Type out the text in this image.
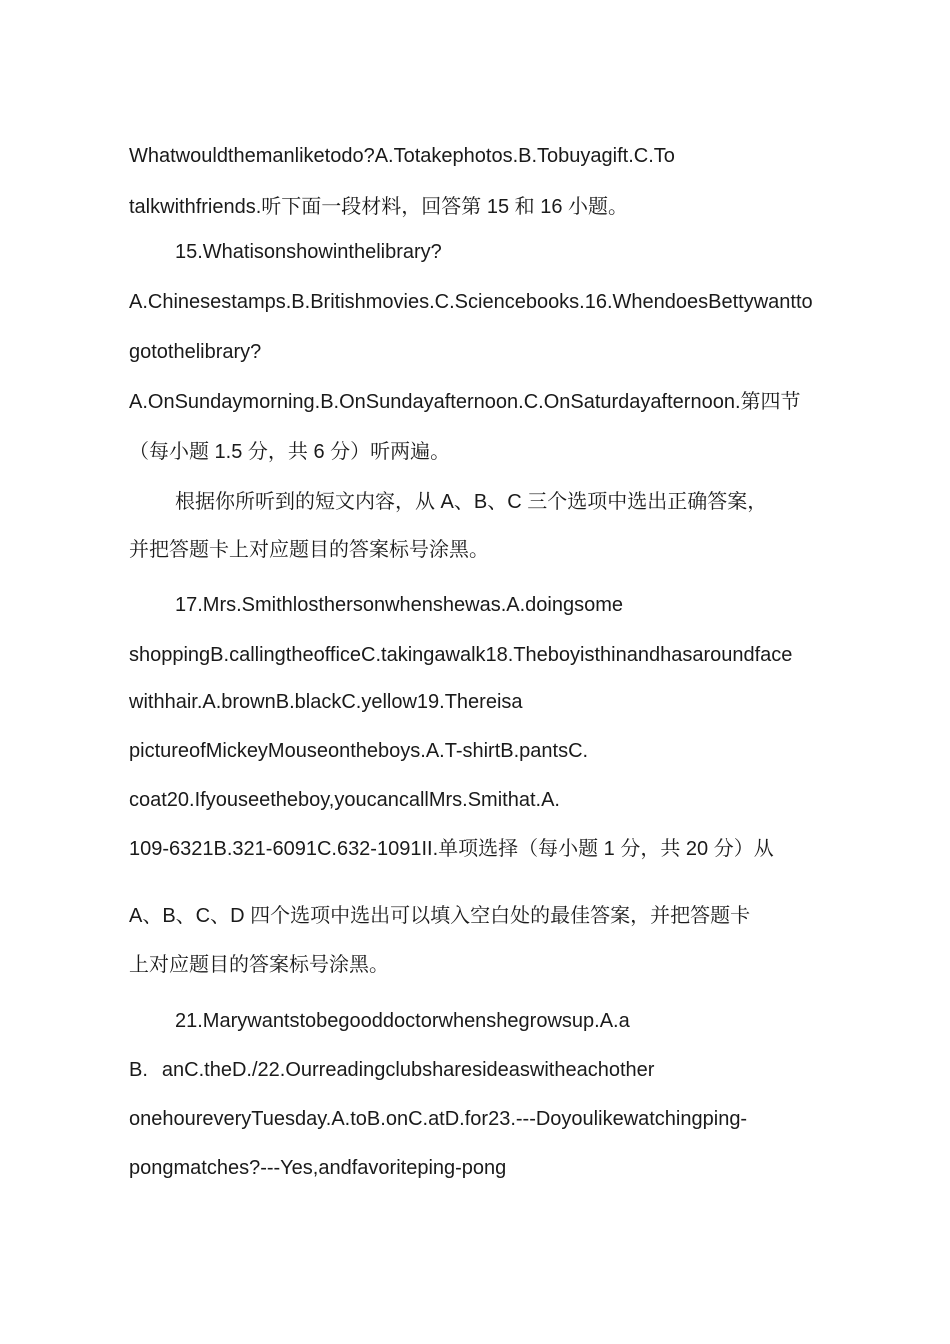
Whatwouldthemanliketodo?A.Totakephotos.B.Tobuyagift.C.To
talkwithfriends.听下面一段材料，回答第 15 和 16 小题。
15.Whatisonshowinthelibrary?
A.Chinesestamps.B.Britishmovies.C.Sciencebooks.16.WhendoesBettywantto
gotothelibrary?
A.OnSundaymorning.B.OnSundayafternoon.C.OnSaturdayafternoon.第四节
（每小题 1.5 分，共 6 分）听两遍。
根据你所听到的短文内容，从 A、B、C 三个选项中选出正确答案，
并把答题卡上对应题目的答案标号涂黑。
17.Mrs.Smithlosthersonwhenshewas.A.doingsome
shoppingB.callingtheofficeC.takingawalk18.Theboyisthinandhasaroundface
withhair.A.brownB.blackC.yellow19.Thereisa
pictureofMickeyMouseontheboys.A.T-shirtB.pantsC.
coat20.Ifyouseetheboy,youcancallMrs.Smithat.A.
109-6321B.321-6091C.632-1091II.单项选择（每小题 1 分，共 20 分）从
A、B、C、D 四个选项中选出可以填入空白处的最佳答案，并把答题卡
上对应题目的答案标号涂黑。
21.Marywantstobegooddoctorwhenshegrowsup.A.a
B. anC.theD./22.Ourreadingclubsharesideaswitheachother
onehoureveryTuesday.A.toB.onC.atD.for23.---Doyoulikewatchingping-
pongmatches?---Yes,andfavoriteping-pong
